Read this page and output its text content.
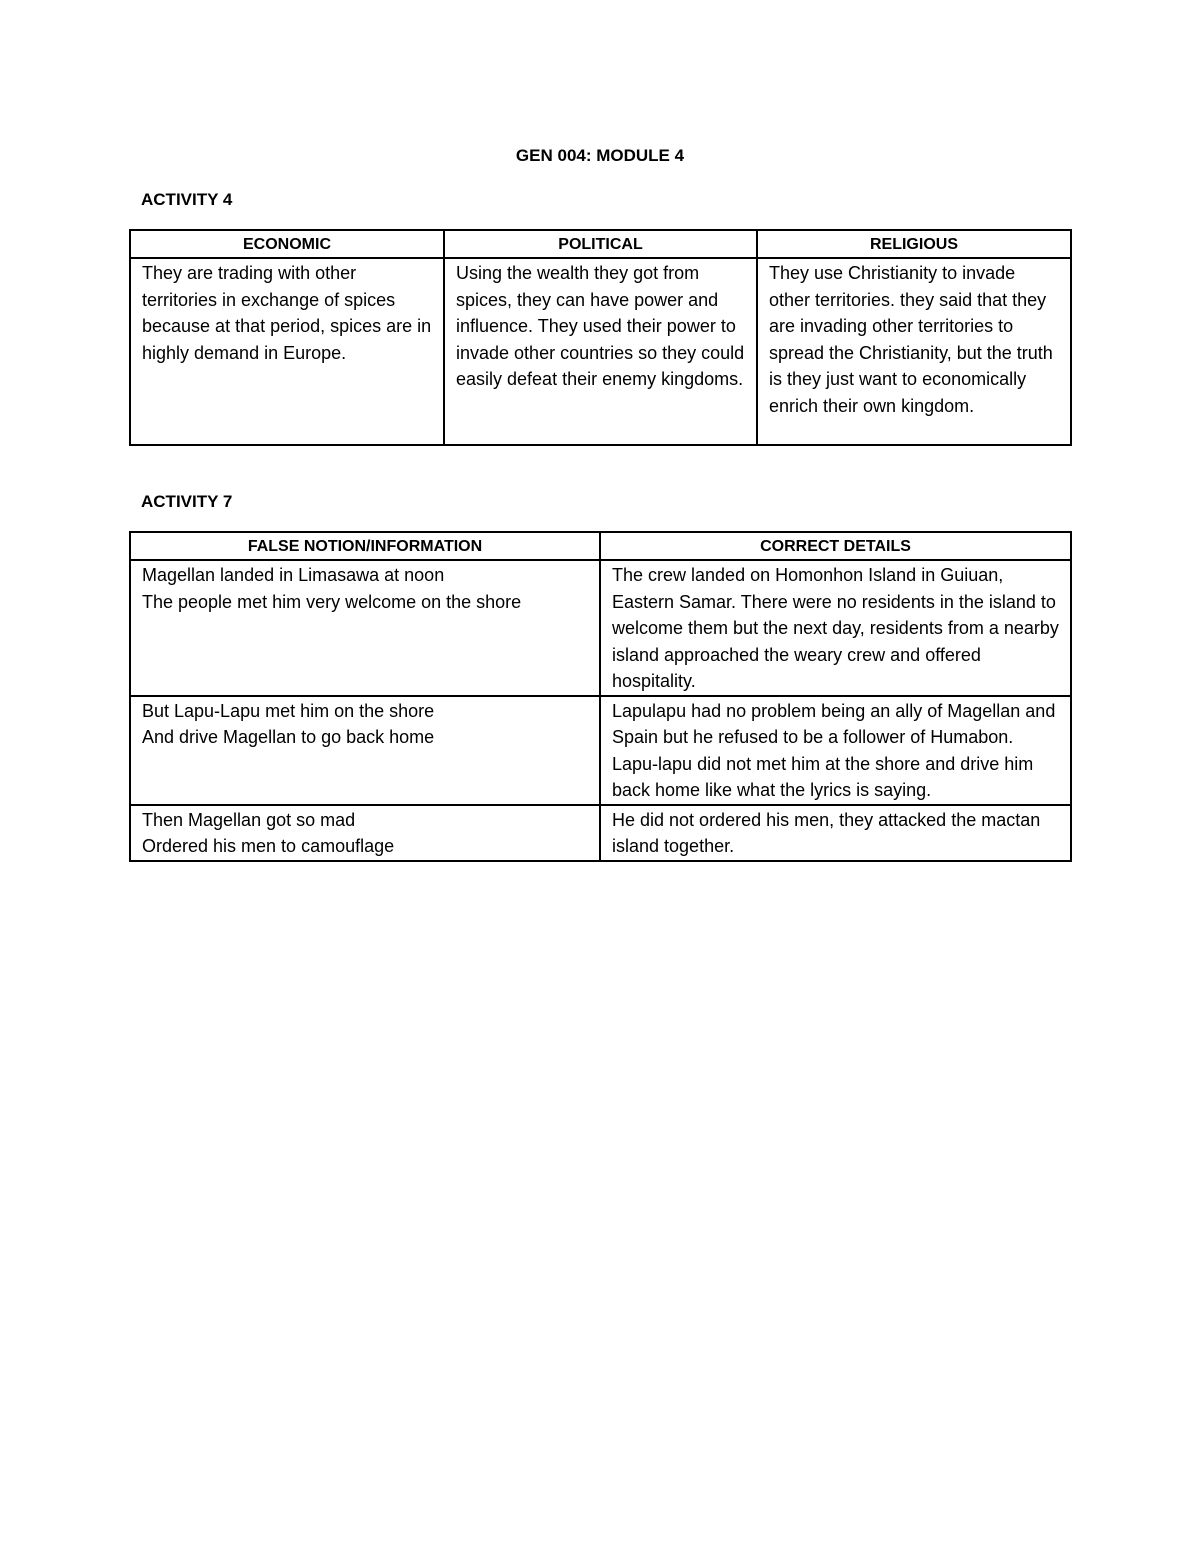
GEN 004: MODULE 4
ACTIVITY 4
ECONOMIC	POLITICAL	RELIGIOUS
They are trading with other territories in exchange of spices because at that period, spices are in highly demand in Europe.	Using the wealth they got from spices, they can have power and influence. They used their power to invade other countries so they could easily defeat their enemy kingdoms.	They use Christianity to invade other territories. they said that they are invading other territories to spread the Christianity, but the truth is they just want to economically enrich their own kingdom.
ACTIVITY 7
FALSE NOTION/INFORMATION	CORRECT DETAILS

Magellan landed in Limasawa at noon
The people met him very welcome on the shore	The crew landed on Homonhon Island in Guiuan, Eastern Samar. There were no residents in the island to welcome them but the next day, residents from a nearby island approached the weary crew and offered hospitality.

But Lapu-Lapu met him on the shore
And drive Magellan to go back home	Lapulapu had no problem being an ally of Magellan and Spain but he refused to be a follower of Humabon. Lapu-lapu did not met him at the shore and drive him back home like what the lyrics is saying.

Then Magellan got so mad
Ordered his men to camouflage	He did not ordered his men, they attacked the mactan island together.
